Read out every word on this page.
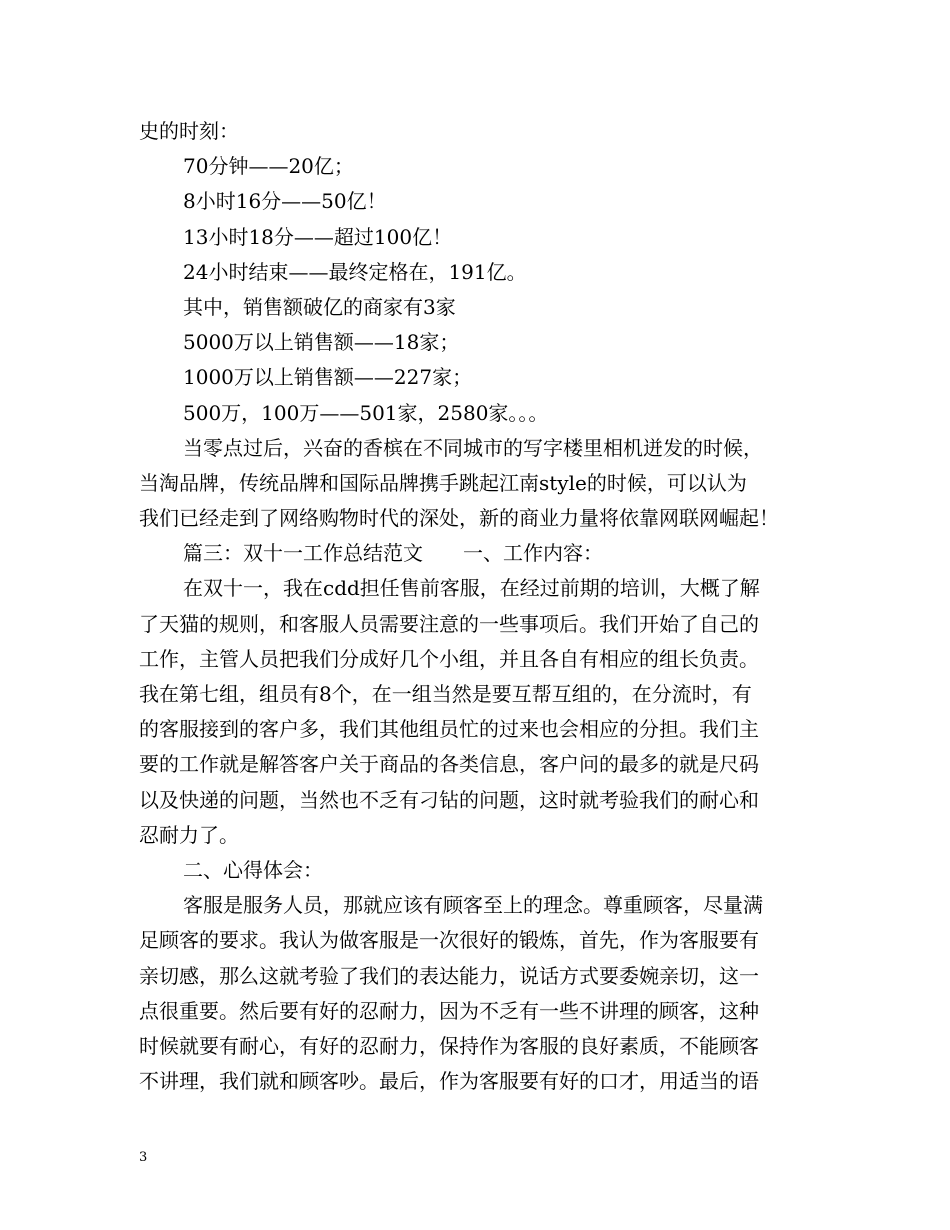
史的时刻：
70分钟——20亿；
8小时16分——50亿！
13小时18分——超过100亿！
24小时结束——最终定格在，191亿。
其中，销售额破亿的商家有3家
5000万以上销售额——18家；
1000万以上销售额——227家；
500万，100万——501家，2580家。。。
当零点过后，兴奋的香槟在不同城市的写字楼里相机迸发的时候，
当淘品牌，传统品牌和国际品牌携手跳起江南style的时候，可以认为
我们已经走到了网络购物时代的深处，新的商业力量将依靠网联网崛起！
篇三：双十一工作总结范文　　一、工作内容：
在双十一，我在cdd担任售前客服，在经过前期的培训，大概了解
了天猫的规则，和客服人员需要注意的一些事项后。我们开始了自己的
工作，主管人员把我们分成好几个小组，并且各自有相应的组长负责。
我在第七组，组员有8个，在一组当然是要互帮互组的，在分流时，有
的客服接到的客户多，我们其他组员忙的过来也会相应的分担。我们主
要的工作就是解答客户关于商品的各类信息，客户问的最多的就是尺码
以及快递的问题，当然也不乏有刁钻的问题，这时就考验我们的耐心和
忍耐力了。
二、心得体会：
客服是服务人员，那就应该有顾客至上的理念。尊重顾客，尽量满
足顾客的要求。我认为做客服是一次很好的锻炼，首先，作为客服要有
亲切感，那么这就考验了我们的表达能力，说话方式要委婉亲切，这一
点很重要。然后要有好的忍耐力，因为不乏有一些不讲理的顾客，这种
时候就要有耐心，有好的忍耐力，保持作为客服的良好素质，不能顾客
不讲理，我们就和顾客吵。最后，作为客服要有好的口才，用适当的语
3
